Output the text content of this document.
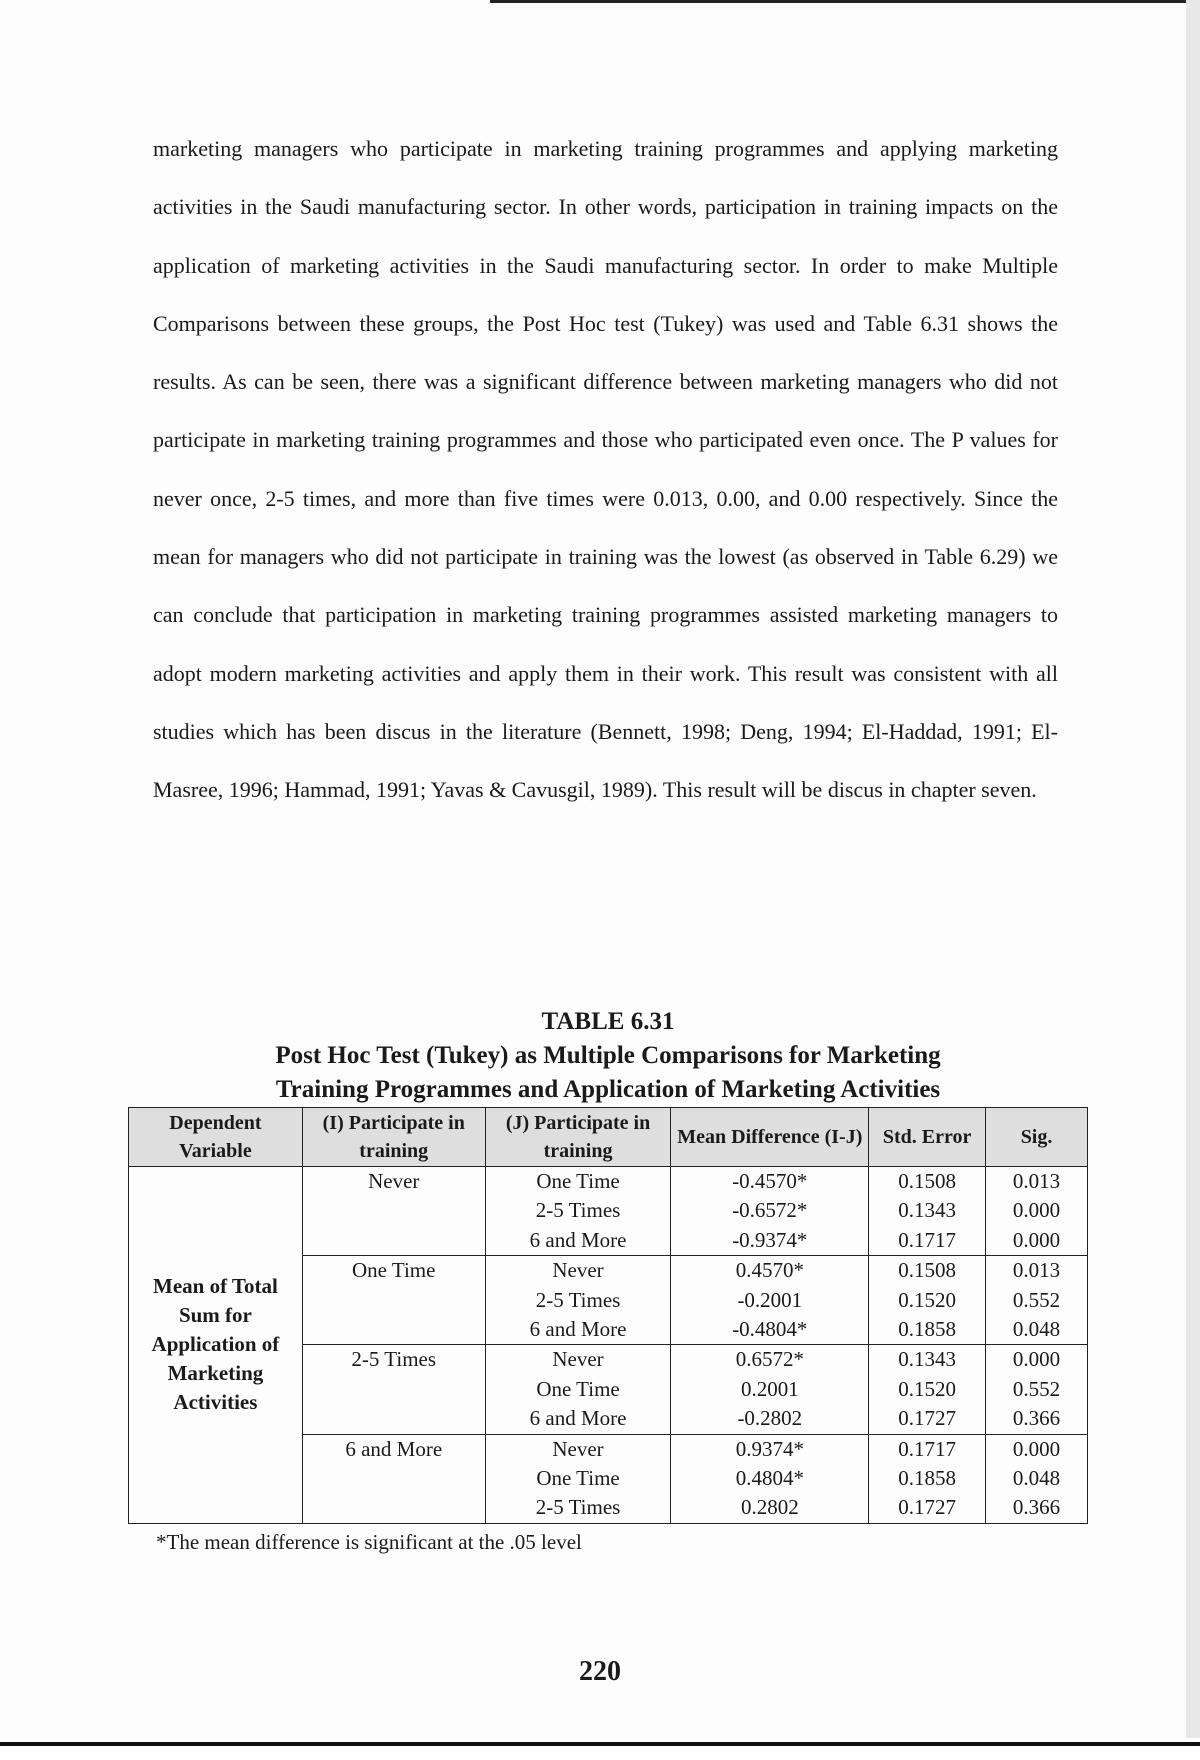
marketing managers who participate in marketing training programmes and applying marketing activities in the Saudi manufacturing sector. In other words, participation in training impacts on the application of marketing activities in the Saudi manufacturing sector. In order to make Multiple Comparisons between these groups, the Post Hoc test (Tukey) was used and Table 6.31 shows the results. As can be seen, there was a significant difference between marketing managers who did not participate in marketing training programmes and those who participated even once. The P values for never once, 2-5 times, and more than five times were 0.013, 0.00, and 0.00 respectively. Since the mean for managers who did not participate in training was the lowest (as observed in Table 6.29) we can conclude that participation in marketing training programmes assisted marketing managers to adopt modern marketing activities and apply them in their work. This result was consistent with all studies which has been discus in the literature (Bennett, 1998; Deng, 1994; El-Haddad, 1991; El-Masree, 1996; Hammad, 1991; Yavas & Cavusgil, 1989). This result will be discus in chapter seven.

TABLE 6.31
Post Hoc Test (Tukey) as Multiple Comparisons for Marketing
Training Programmes and Application of Marketing Activities
Dependent Variable	(I) Participate in training	(J) Participate in training	Mean Difference (I-J)	Std. Error	Sig.
Mean of Total Sum for Application of Marketing Activities	Never	One Time	-0.4570*	0.1508	0.013
		2-5 Times	-0.6572*	0.1343	0.000
		6 and More	-0.9374*	0.1717	0.000
	One Time	Never	0.4570*	0.1508	0.013
		2-5 Times	-0.2001	0.1520	0.552
		6 and More	-0.4804*	0.1858	0.048
	2-5 Times	Never	0.6572*	0.1343	0.000
		One Time	0.2001	0.1520	0.552
		6 and More	-0.2802	0.1727	0.366
	6 and More	Never	0.9374*	0.1717	0.000
		One Time	0.4804*	0.1858	0.048
		2-5 Times	0.2802	0.1727	0.366
*The mean difference is significant at the .05 level
220
